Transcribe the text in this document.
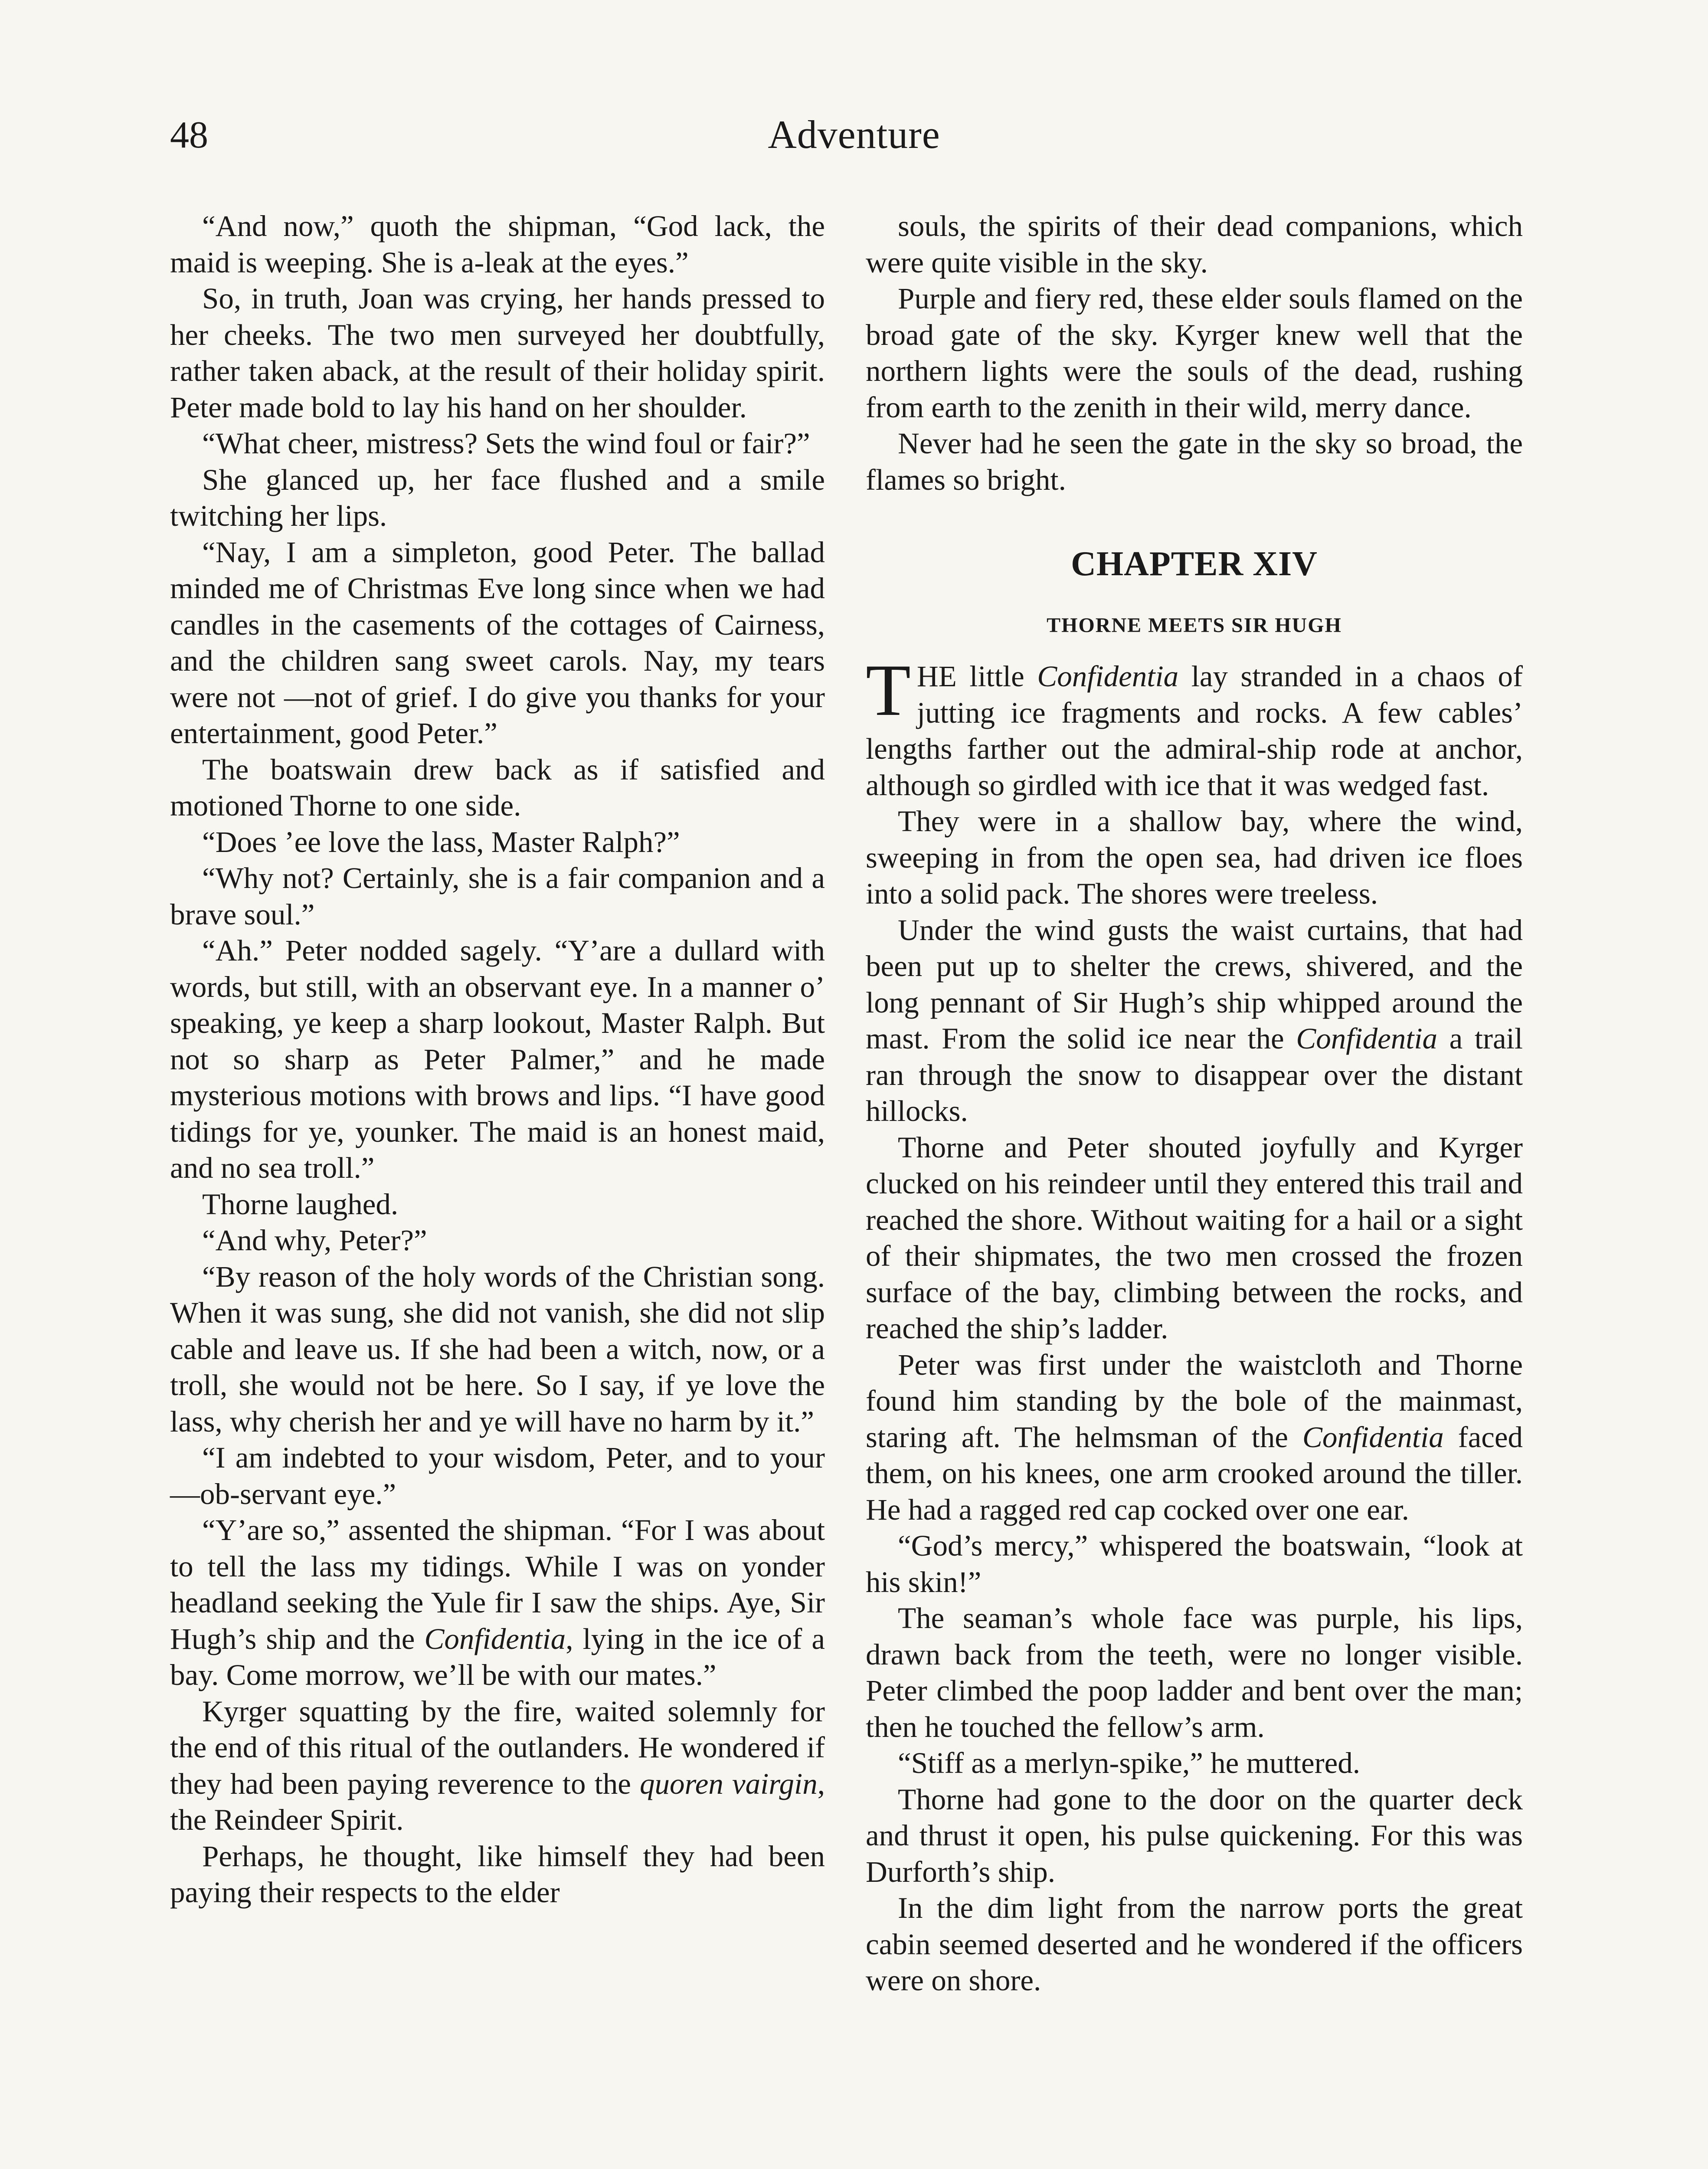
48	Adventure

“And now,” quoth the shipman, “God lack, the maid is weeping. She is a-leak at the eyes.”

So, in truth, Joan was crying, her hands pressed to her cheeks. The two men surveyed her doubtfully, rather taken aback, at the result of their holiday spirit. Peter made bold to lay his hand on her shoulder.

“What cheer, mistress? Sets the wind foul or fair?”

She glanced up, her face flushed and a smile twitching her lips.

“Nay, I am a simpleton, good Peter. The ballad minded me of Christmas Eve long since when we had candles in the casements of the cottages of Cairness, and the children sang sweet carols. Nay, my tears were not —not of grief. I do give you thanks for your entertainment, good Peter.”

The boatswain drew back as if satisfied and motioned Thorne to one side.

“Does ’ee love the lass, Master Ralph?”

“Why not? Certainly, she is a fair companion and a brave soul.”

“Ah.” Peter nodded sagely. “Y’are a dullard with words, but still, with an observant eye. In a manner o’ speaking, ye keep a sharp lookout, Master Ralph. But not so sharp as Peter Palmer,” and he made mysterious motions with brows and lips. “I have good tidings for ye, younker. The maid is an honest maid, and no sea troll.”

Thorne laughed.

“And why, Peter?”

“By reason of the holy words of the Christian song. When it was sung, she did not vanish, she did not slip cable and leave us. If she had been a witch, now, or a troll, she would not be here. So I say, if ye love the lass, why cherish her and ye will have no harm by it.”

“I am indebted to your wisdom, Peter, and to your—ob-servant eye.”

“Y’are so,” assented the shipman. “For I was about to tell the lass my tidings. While I was on yonder headland seeking the Yule fir I saw the ships. Aye, Sir Hugh’s ship and the Confidentia, lying in the ice of a bay. Come morrow, we’ll be with our mates.”

Kyrger squatting by the fire, waited solemnly for the end of this ritual of the outlanders. He wondered if they had been paying reverence to the quoren vairgin, the Reindeer Spirit.

Perhaps, he thought, like himself they had been paying their respects to the elder

souls, the spirits of their dead companions, which were quite visible in the sky.

Purple and fiery red, these elder souls flamed on the broad gate of the sky. Kyrger knew well that the northern lights were the souls of the dead, rushing from earth to the zenith in their wild, merry dance.

Never had he seen the gate in the sky so broad, the flames so bright.

CHAPTER XIV
THORNE MEETS SIR HUGH

THE little Confidentia lay stranded in a chaos of jutting ice fragments and rocks. A few cables’ lengths farther out the admiral-ship rode at anchor, although so girdled with ice that it was wedged fast.

They were in a shallow bay, where the wind, sweeping in from the open sea, had driven ice floes into a solid pack. The shores were treeless.

Under the wind gusts the waist curtains, that had been put up to shelter the crews, shivered, and the long pennant of Sir Hugh’s ship whipped around the mast. From the solid ice near the Confidentia a trail ran through the snow to disappear over the distant hillocks.

Thorne and Peter shouted joyfully and Kyrger clucked on his reindeer until they entered this trail and reached the shore. Without waiting for a hail or a sight of their shipmates, the two men crossed the frozen surface of the bay, climbing between the rocks, and reached the ship’s ladder.

Peter was first under the waistcloth and Thorne found him standing by the bole of the mainmast, staring aft. The helmsman of the Confidentia faced them, on his knees, one arm crooked around the tiller. He had a ragged red cap cocked over one ear.

“God’s mercy,” whispered the boatswain, “look at his skin!”

The seaman’s whole face was purple, his lips, drawn back from the teeth, were no longer visible. Peter climbed the poop ladder and bent over the man; then he touched the fellow’s arm.

“Stiff as a merlyn-spike,” he muttered.

Thorne had gone to the door on the quarter deck and thrust it open, his pulse quickening. For this was Durforth’s ship.

In the dim light from the narrow ports the great cabin seemed deserted and he wondered if the officers were on shore.
